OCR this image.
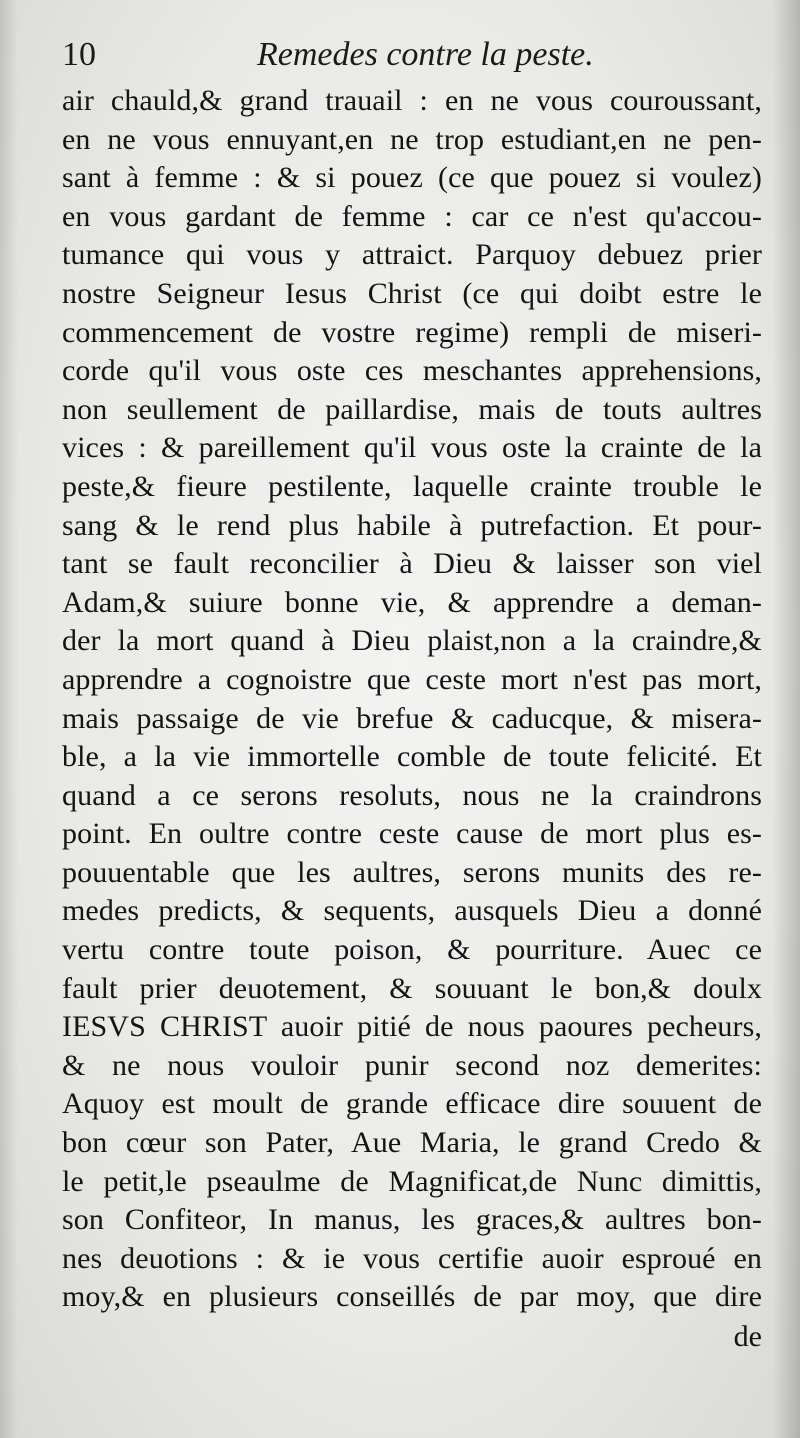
10	Remedes contre la peste.
air chauld,& grand trauail : en ne vous couroussant,
en ne vous ennuyant,en ne trop estudiant,en ne pen-
sant à femme : & si pouez (ce que pouez si voulez)
en vous gardant de femme : car ce n'est qu'accou-
tumance qui vous y attraict. Parquoy debuez prier
nostre Seigneur Iesus Christ (ce qui doibt estre le
commencement de vostre regime) rempli de miseri-
corde qu'il vous oste ces meschantes apprehensions,
non seullement de paillardise, mais de touts aultres
vices : & pareillement qu'il vous oste la crainte de la
peste,& fieure pestilente, laquelle crainte trouble le
sang & le rend plus habile à putrefaction. Et pour-
tant se fault reconcilier à Dieu & laisser son viel
Adam,& suiure bonne vie, & apprendre a deman-
der la mort quand à Dieu plaist,non a la craindre,&
apprendre a cognoistre que ceste mort n'est pas mort,
mais passaige de vie brefue & caducque, & misera-
ble, a la vie immortelle comble de toute felicité. Et
quand a ce serons resoluts, nous ne la craindrons
point. En oultre contre ceste cause de mort plus es-
pouuentable que les aultres, serons munits des re-
medes predicts, & sequents, ausquels Dieu a donné
vertu contre toute poison, & pourriture. Auec ce
fault prier deuotement, & souuant le bon,& doulx
IESVS CHRIST auoir pitié de nous paoures pecheurs,
& ne nous vouloir punir second noz demerites:
Aquoy est moult de grande efficace dire souuent de
bon cœur son Pater, Aue Maria, le grand Credo &
le petit,le pseaulme de Magnificat,de Nunc dimittis,
son Confiteor, In manus, les graces,& aultres bon-
nes deuotions : & ie vous certifie auoir esproué en
moy,& en plusieurs conseillés de par moy, que dire
de
